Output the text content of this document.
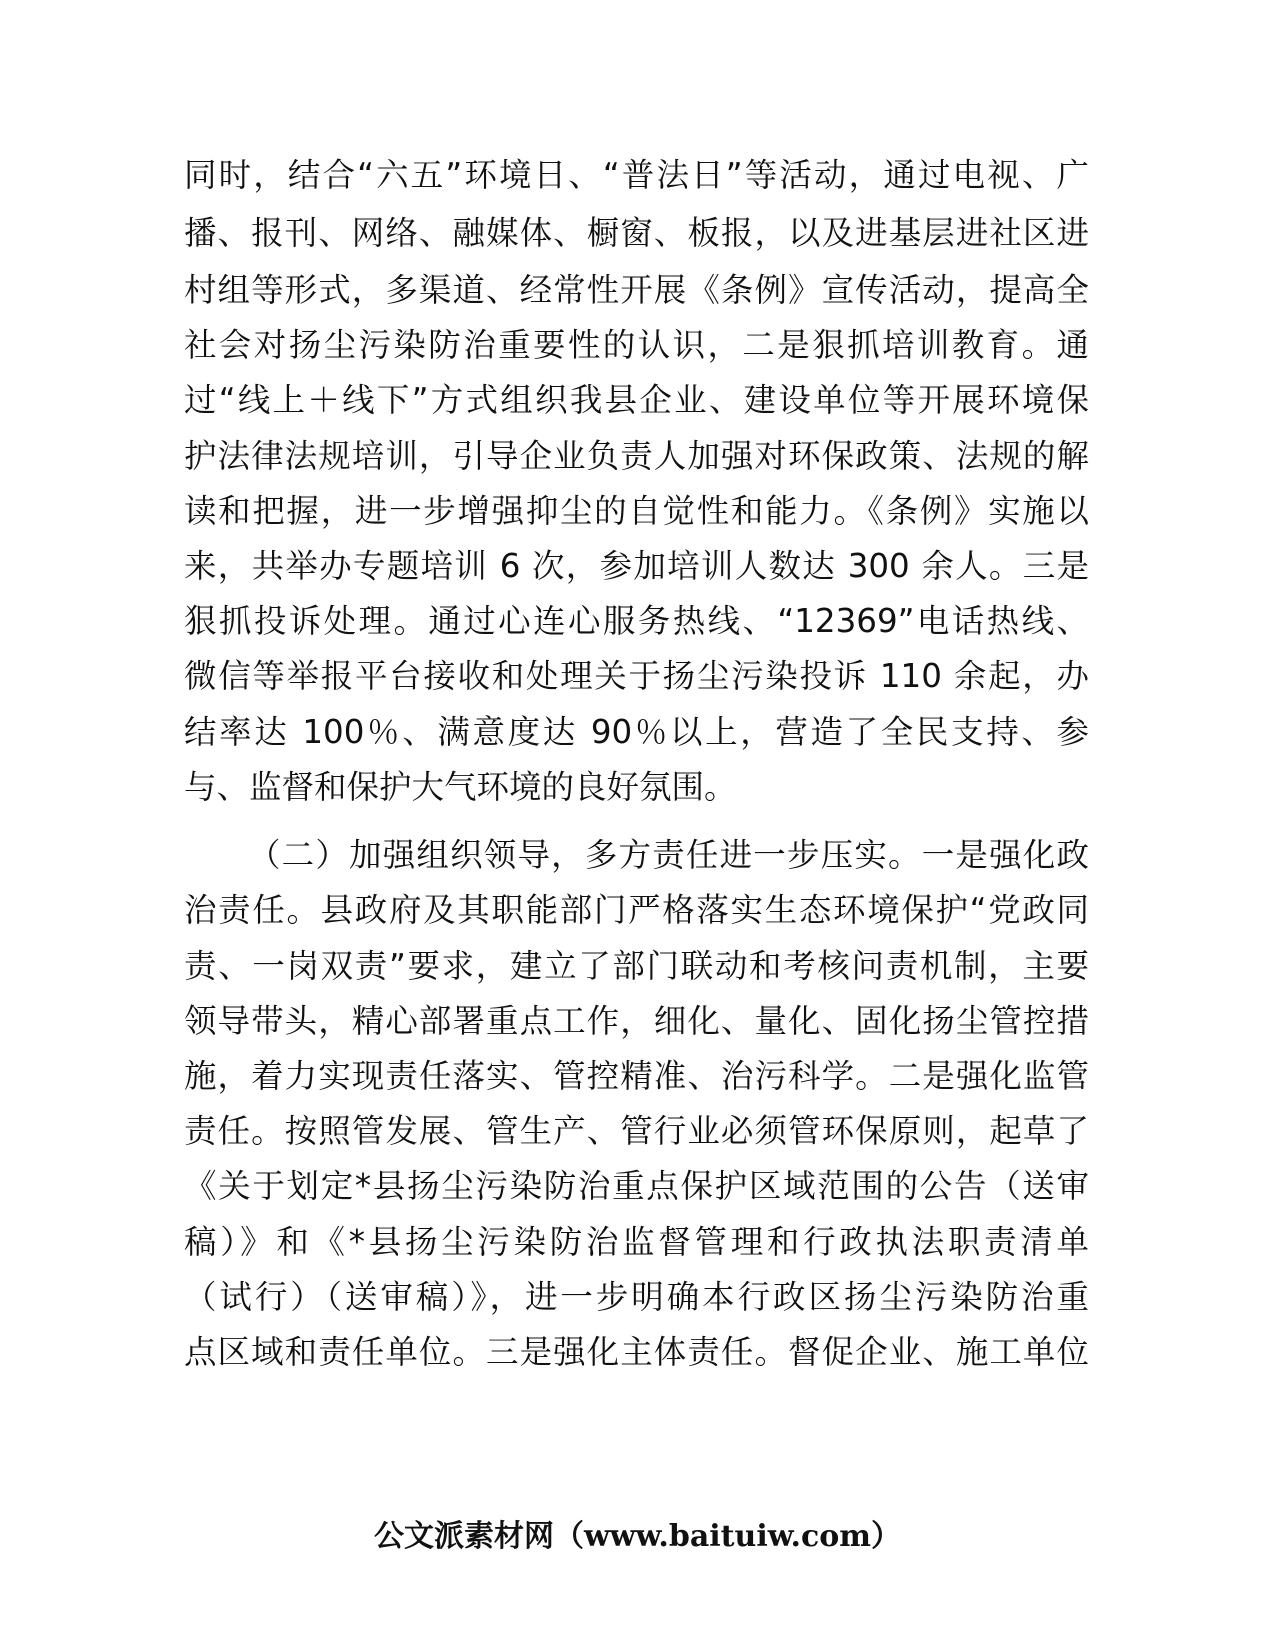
同时，结合“六五”环境日、“普法日”等活动，通过电视、广
播、报刊、网络、融媒体、橱窗、板报，以及进基层进社区进
村组等形式，多渠道、经常性开展《条例》宣传活动，提高全
社会对扬尘污染防治重要性的认识，二是狠抓培训教育。通
过“线上＋线下”方式组织我县企业、建设单位等开展环境保
护法律法规培训，引导企业负责人加强对环保政策、法规的解
读和把握，进一步增强抑尘的自觉性和能力。《条例》实施以
来，共举办专题培训 6 次，参加培训人数达 300 余人。三是
狠抓投诉处理。通过心连心服务热线、“12369”电话热线、
微信等举报平台接收和处理关于扬尘污染投诉 110 余起，办
结率达 100％、满意度达 90％以上，营造了全民支持、参
与、监督和保护大气环境的良好氛围。
（二）加强组织领导，多方责任进一步压实。一是强化政
治责任。县政府及其职能部门严格落实生态环境保护“党政同
责、一岗双责”要求，建立了部门联动和考核问责机制，主要
领导带头，精心部署重点工作，细化、量化、固化扬尘管控措
施，着力实现责任落实、管控精准、治污科学。二是强化监管
责任。按照管发展、管生产、管行业必须管环保原则，起草了
《关于划定*县扬尘污染防治重点保护区域范围的公告（送审
稿）》和《*县扬尘污染防治监督管理和行政执法职责清单
（试行）（送审稿）》，进一步明确本行政区扬尘污染防治重
点区域和责任单位。三是强化主体责任。督促企业、施工单位
公文派素材网（www.baituiw.com）
